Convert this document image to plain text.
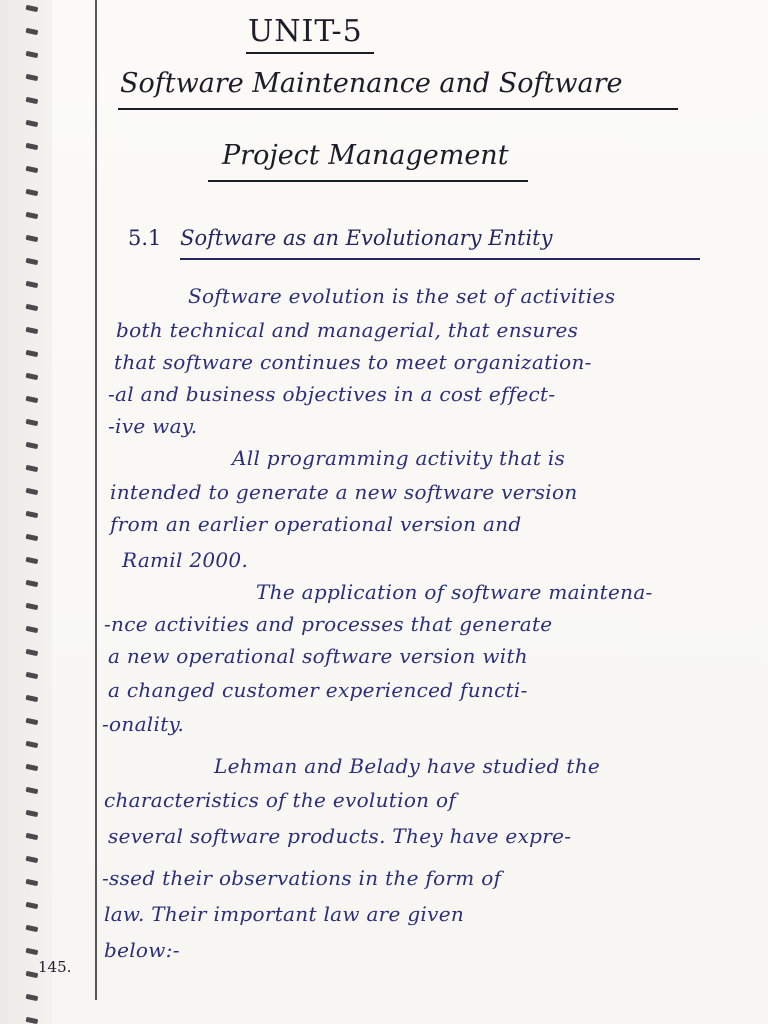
UNIT-5
Software Maintenance and Software
Project Management
5.1 Software as an Evolutionary Entity
Software evolution is the set of activities
both technical and managerial, that ensures
that software continues to meet organization-
-al and business objectives in a cost effect-
-ive way.
All programming activity that is
intended to generate a new software version
from an earlier operational version and
Ramil 2000.
The application of software maintena-
-nce activities and processes that generate
a new operational software version with
a changed customer experienced functi-
-onality.
Lehman and Belady have studied the
characteristics of the evolution of
several software products. They have expre-
-ssed their observations in the form of
law. Their important law are given
below:-
145.
